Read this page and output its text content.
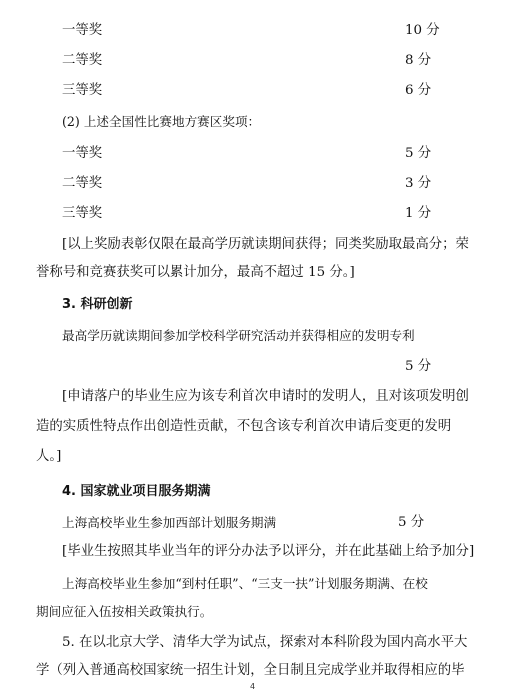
一等奖	10 分
二等奖	8 分
三等奖	6 分
(2) 上述全国性比赛地方赛区奖项：
一等奖	5 分
二等奖	3 分
三等奖	1 分
[以上奖励表彰仅限在最高学历就读期间获得；同类奖励取最高分；荣
誉称号和竞赛获奖可以累计加分，最高不超过 15 分。]
3. 科研创新
最高学历就读期间参加学校科学研究活动并获得相应的发明专利
5 分
[申请落户的毕业生应为该专利首次申请时的发明人，且对该项发明创
造的实质性特点作出创造性贡献，不包含该专利首次申请后变更的发明
人。]
4. 国家就业项目服务期满
上海高校毕业生参加西部计划服务期满	5 分
[毕业生按照其毕业当年的评分办法予以评分，并在此基础上给予加分]
上海高校毕业生参加“到村任职”、“三支一扶”计划服务期满、在校
期间应征入伍按相关政策执行。
5. 在以北京大学、清华大学为试点，探索对本科阶段为国内高水平大
学（列入普通高校国家统一招生计划，全日制且完成学业并取得相应的毕
4
